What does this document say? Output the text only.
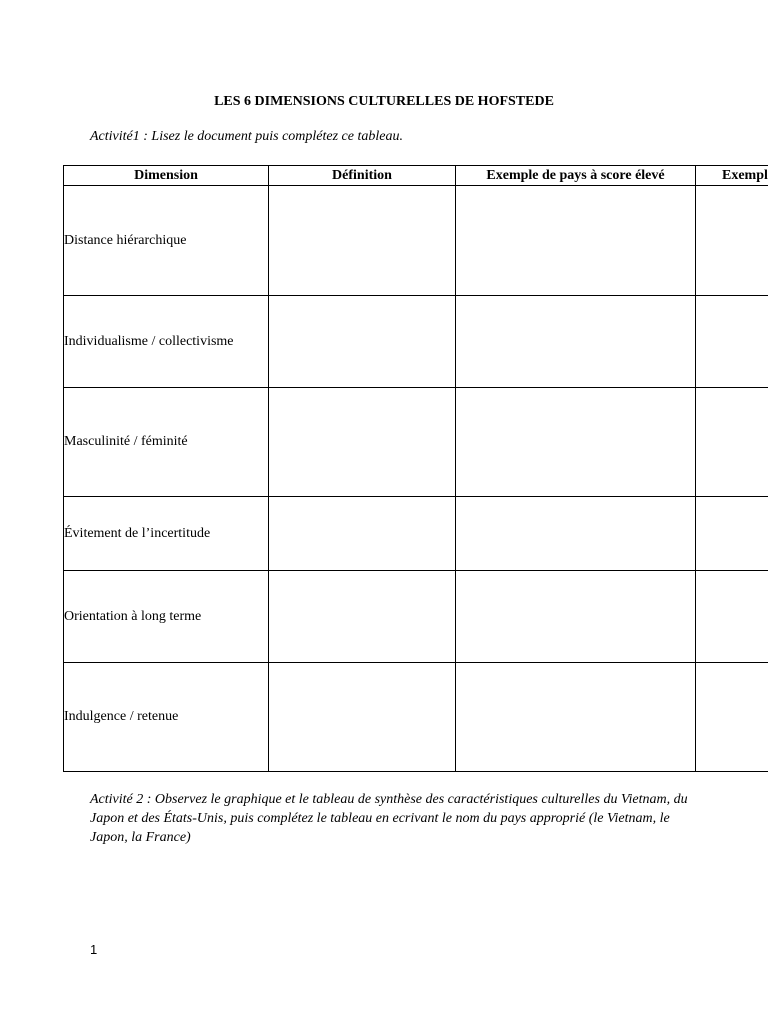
LES 6 DIMENSIONS CULTURELLES DE HOFSTEDE
Activité1 : Lisez le document puis complétez ce tableau.
Dimension	Définition	Exemple de pays à score élevé	Exempl
Distance hiérarchique			
Individualisme / collectivisme			
Masculinité / féminité			
Évitement de l’incertitude			
Orientation à long terme			
Indulgence / retenue			
Activité 2 : Observez le graphique et le tableau de synthèse des caractéristiques culturelles du Vietnam, du Japon et des États-Unis, puis complétez le tableau en ecrivant le nom du pays approprié (le Vietnam, le Japon, la France)
1
